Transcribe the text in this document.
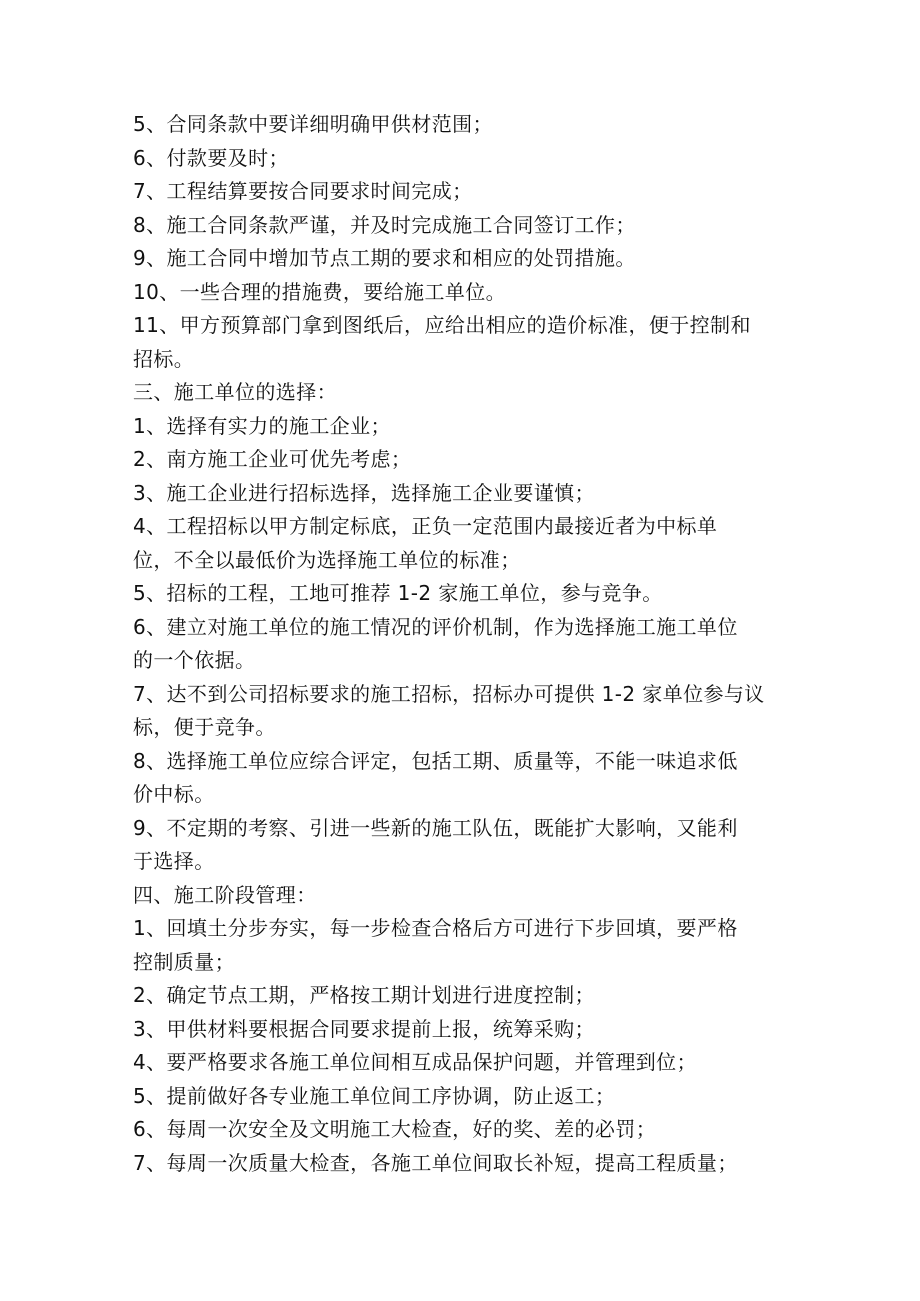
5、合同条款中要详细明确甲供材范围；
6、付款要及时；
7、工程结算要按合同要求时间完成；
8、施工合同条款严谨，并及时完成施工合同签订工作；
9、施工合同中增加节点工期的要求和相应的处罚措施。
10、一些合理的措施费，要给施工单位。
11、甲方预算部门拿到图纸后，应给出相应的造价标准，便于控制和
招标。
三、施工单位的选择：
1、选择有实力的施工企业；
2、南方施工企业可优先考虑；
3、施工企业进行招标选择，选择施工企业要谨慎；
4、工程招标以甲方制定标底，正负一定范围内最接近者为中标单
位，不全以最低价为选择施工单位的标准；
5、招标的工程，工地可推荐 1-2 家施工单位，参与竞争。
6、建立对施工单位的施工情况的评价机制，作为选择施工施工单位
的一个依据。
7、达不到公司招标要求的施工招标，招标办可提供 1-2 家单位参与议
标，便于竞争。
8、选择施工单位应综合评定，包括工期、质量等，不能一味追求低
价中标。
9、不定期的考察、引进一些新的施工队伍，既能扩大影响，又能利
于选择。
四、施工阶段管理：
1、回填土分步夯实，每一步检查合格后方可进行下步回填，要严格
控制质量；
2、确定节点工期，严格按工期计划进行进度控制；
3、甲供材料要根据合同要求提前上报，统筹采购；
4、要严格要求各施工单位间相互成品保护问题，并管理到位；
5、提前做好各专业施工单位间工序协调，防止返工；
6、每周一次安全及文明施工大检查，好的奖、差的必罚；
7、每周一次质量大检查，各施工单位间取长补短，提高工程质量；
